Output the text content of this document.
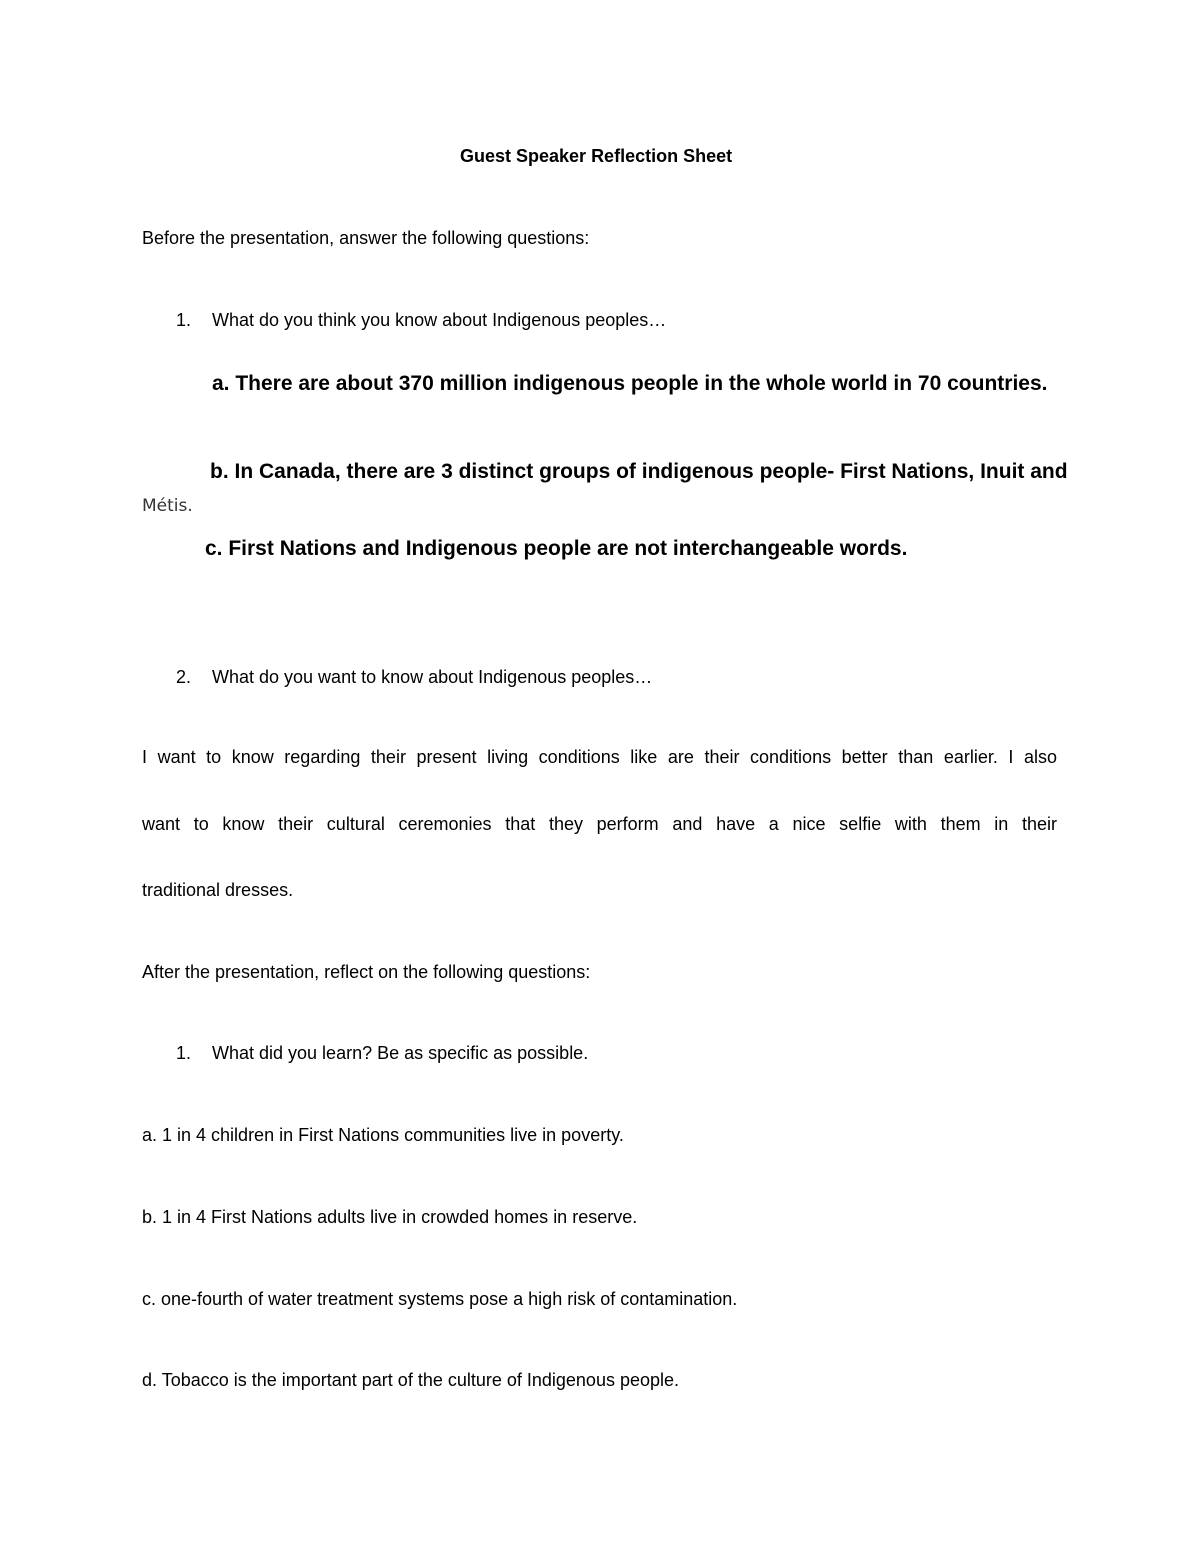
Guest Speaker Reflection Sheet
Before the presentation, answer the following questions:
1. What do you think you know about Indigenous peoples…
a. There are about 370 million indigenous people in the whole world in 70 countries.
b. In Canada, there are 3 distinct groups of indigenous people- First Nations, Inuit and
Métis.
c. First Nations and Indigenous people are not interchangeable words.
2. What do you want to know about Indigenous peoples…
I want to know regarding their present living conditions like are their conditions better than earlier. I also
want to know their cultural ceremonies that they perform and have a nice selfie with them in their
traditional dresses.
After the presentation, reflect on the following questions:
1. What did you learn? Be as specific as possible.
a. 1 in 4 children in First Nations communities live in poverty.
b. 1 in 4 First Nations adults live in crowded homes in reserve.
c. one-fourth of water treatment systems pose a high risk of contamination.
d. Tobacco is the important part of the culture of Indigenous people.
